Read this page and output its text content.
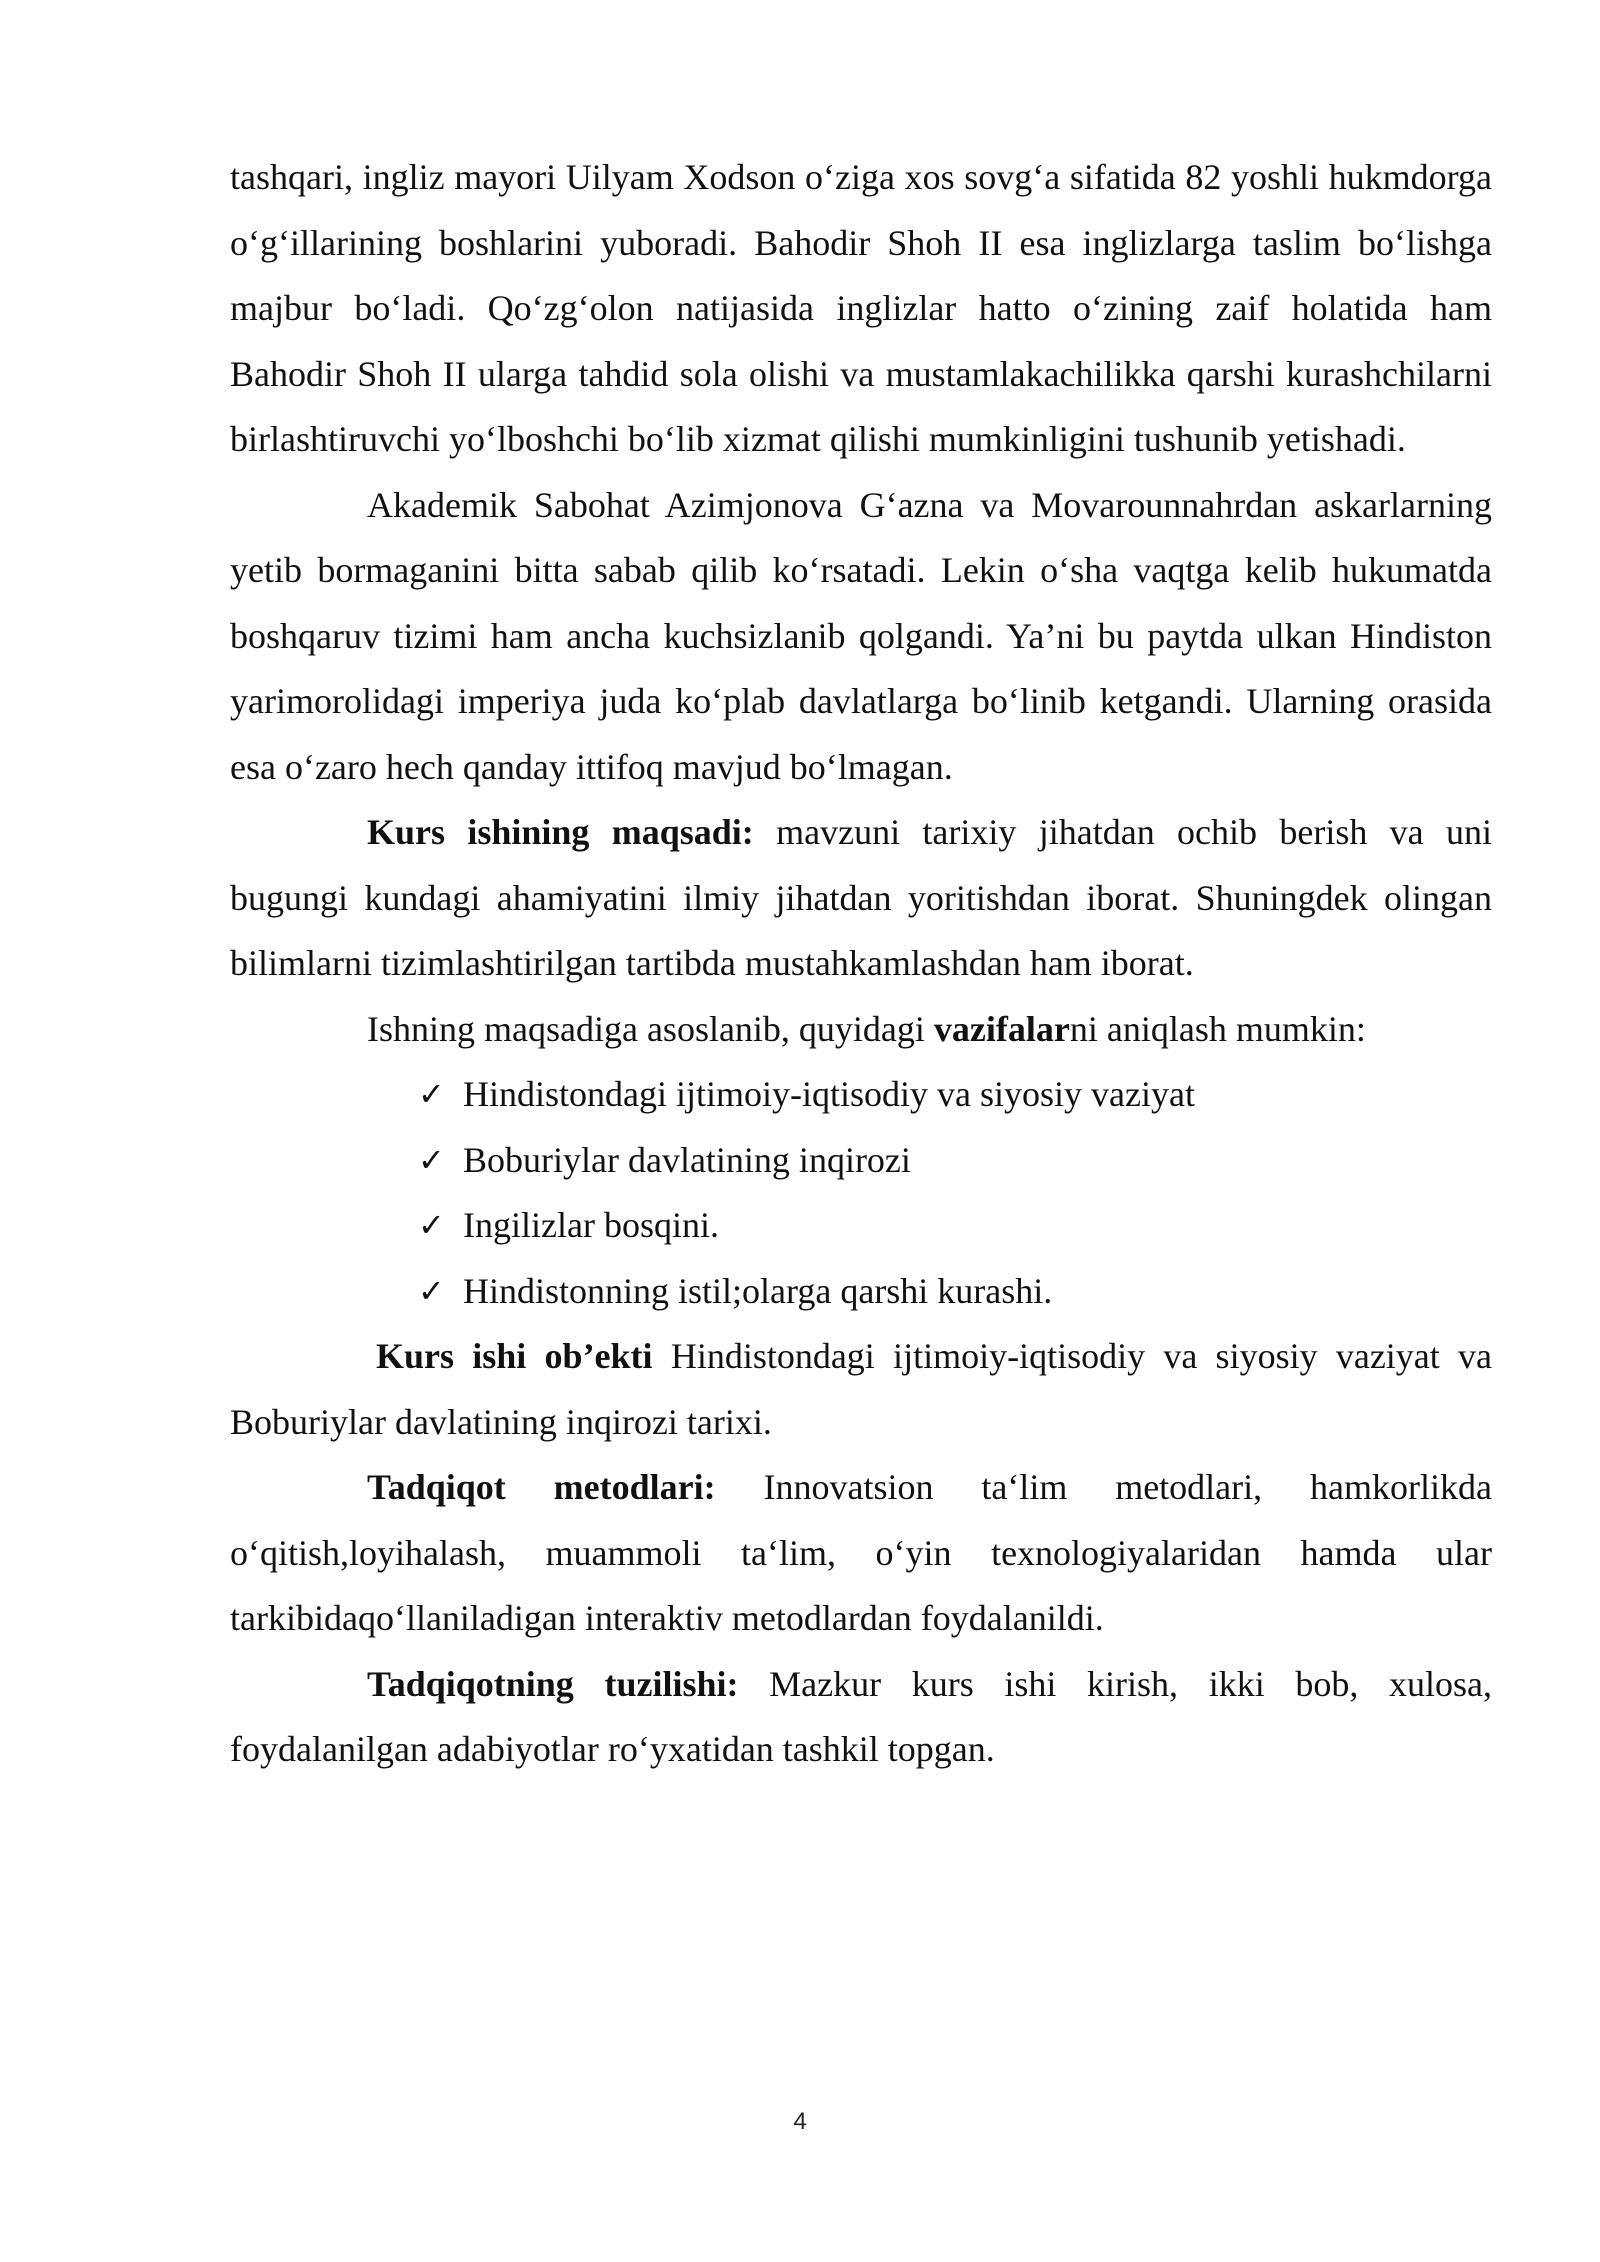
tashqari, ingliz mayori Uilyam Xodson o‘ziga xos sovg‘a sifatida 82 yoshli hukmdorga o‘g‘illarining boshlarini yuboradi. Bahodir Shoh II esa inglizlarga taslim bo‘lishga majbur bo‘ladi. Qo‘zg‘olon natijasida inglizlar hatto o‘zining zaif holatida ham Bahodir Shoh II ularga tahdid sola olishi va mustamlakachilikka qarshi kurashchilarni birlashtiruvchi yo‘lboshchi bo‘lib xizmat qilishi mumkinligini tushunib yetishadi.

Akademik Sabohat Azimjonova G‘azna va Movarounnahrdan askarlarning yetib bormaganini bitta sabab qilib ko‘rsatadi. Lekin o‘sha vaqtga kelib hukumatda boshqaruv tizimi ham ancha kuchsizlanib qolgandi. Ya’ni bu paytda ulkan Hindiston yarimorolidagi imperiya juda ko‘plab davlatlarga bo‘linib ketgandi. Ularning orasida esa o‘zaro hech qanday ittifoq mavjud bo‘lmagan.

Kurs ishining maqsadi: mavzuni tarixiy jihatdan ochib berish va uni bugungi kundagi ahamiyatini ilmiy jihatdan yoritishdan iborat. Shuningdek olingan bilimlarni tizimlashtirilgan tartibda mustahkamlashdan ham iborat.

Ishning maqsadiga asoslanib, quyidagi vazifalarni aniqlash mumkin:

✓ Hindistondagi ijtimoiy-iqtisodiy va siyosiy vaziyat
✓ Boburiylar davlatining inqirozi
✓ Ingilizlar bosqini.
✓ Hindistonning istil;olarga qarshi kurashi.

Kurs ishi ob’ekti Hindistondagi ijtimoiy-iqtisodiy va siyosiy vaziyat va Boburiylar davlatining inqirozi tarixi.

Tadqiqot metodlari: Innovatsion ta‘lim metodlari, hamkorlikda o‘qitish,loyihalash, muammoli ta‘lim, o‘yin texnologiyalaridan hamda ular tarkibidaqo‘llaniladigan interaktiv metodlardan foydalanildi.

Tadqiqotning tuzilishi: Mazkur kurs ishi kirish, ikki bob, xulosa, foydalanilgan adabiyotlar ro‘yxatidan tashkil topgan.

4
